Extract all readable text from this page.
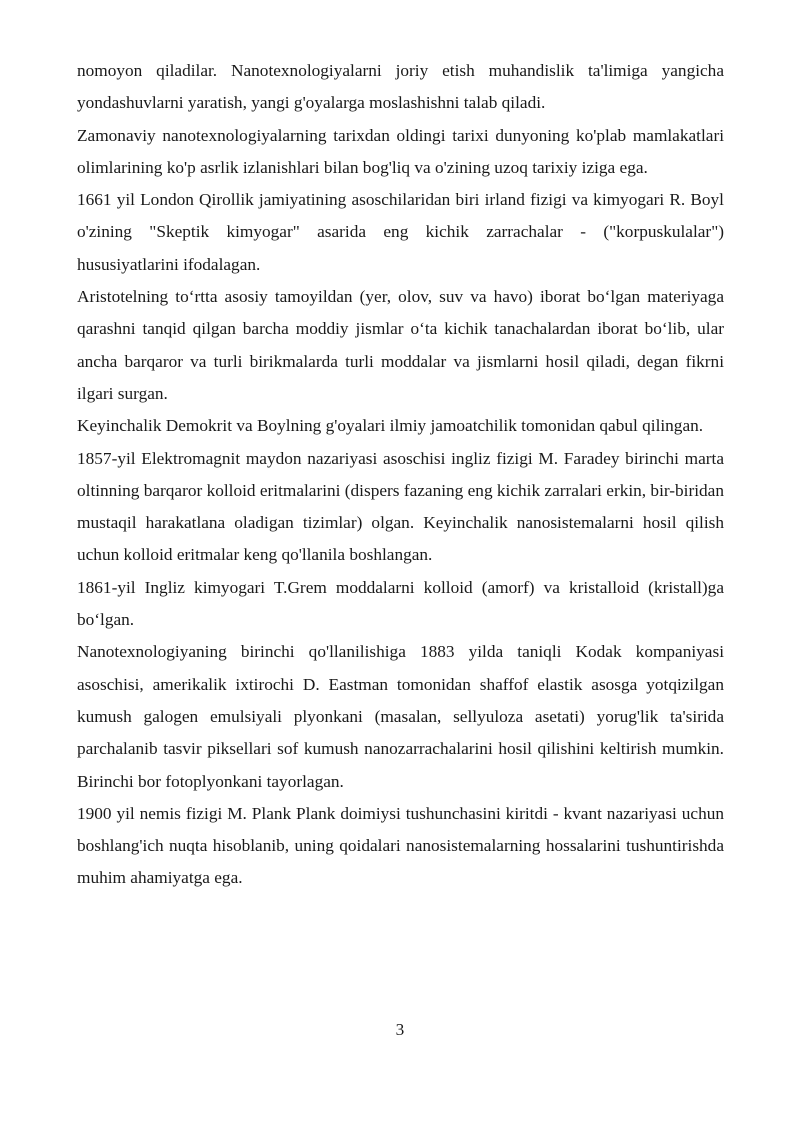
nomoyon qiladilar. Nanotexnologiyalarni joriy etish muhandislik ta'limiga yangicha yondashuvlarni yaratish, yangi g'oyalarga moslashishni talab qiladi.

Zamonaviy nanotexnologiyalarning tarixdan oldingi tarixi dunyoning ko'plab mamlakatlari olimlarining ko'p asrlik izlanishlari bilan bog'liq va o'zining uzoq tarixiy iziga ega.

1661 yil London Qirollik jamiyatining asoschilaridan biri irland fizigi va kimyogari R. Boyl o'zining "Skeptik kimyogar" asarida eng kichik zarrachalar - ("korpuskulalar") hususiyatlarini ifodalagan.

Aristotelning to‘rtta asosiy tamoyildan (yer, olov, suv va havo) iborat bo‘lgan materiyaga qarashni tanqid qilgan barcha moddiy jismlar o‘ta kichik tanachalardan iborat bo‘lib, ular ancha barqaror va turli birikmalarda turli moddalar va jismlarni hosil qiladi, degan fikrni ilgari surgan.

Keyinchalik Demokrit va Boylning g'oyalari ilmiy jamoatchilik tomonidan qabul qilingan.

1857-yil Elektromagnit maydon nazariyasi asoschisi ingliz fizigi M. Faradey birinchi marta oltinning barqaror kolloid eritmalarini (dispers fazaning eng kichik zarralari erkin, bir-biridan mustaqil harakatlana oladigan tizimlar) olgan. Keyinchalik nanosistemalarni hosil qilish uchun kolloid eritmalar keng qo'llanila boshlangan.

1861-yil Ingliz kimyogari T.Grem moddalarni kolloid (amorf) va kristalloid (kristall)ga bo‘lgan.

Nanotexnologiyaning birinchi qo'llanilishiga 1883 yilda taniqli Kodak kompaniyasi asoschisi, amerikalik ixtirochi D. Eastman tomonidan shaffof elastik asosga yotqizilgan kumush galogen emulsiyali plyonkani (masalan, sellyuloza asetati) yorug'lik ta'sirida parchalanib tasvir piksellari sof kumush nanozarrachalarini hosil qilishini keltirish mumkin. Birinchi bor fotoplyonkani tayorlagan.

1900 yil nemis fizigi M. Plank Plank doimiysi tushunchasini kiritdi - kvant nazariyasi uchun boshlang'ich nuqta hisoblanib, uning qoidalari nanosistemalarning hossalarini tushuntirishda muhim ahamiyatga ega.

3
